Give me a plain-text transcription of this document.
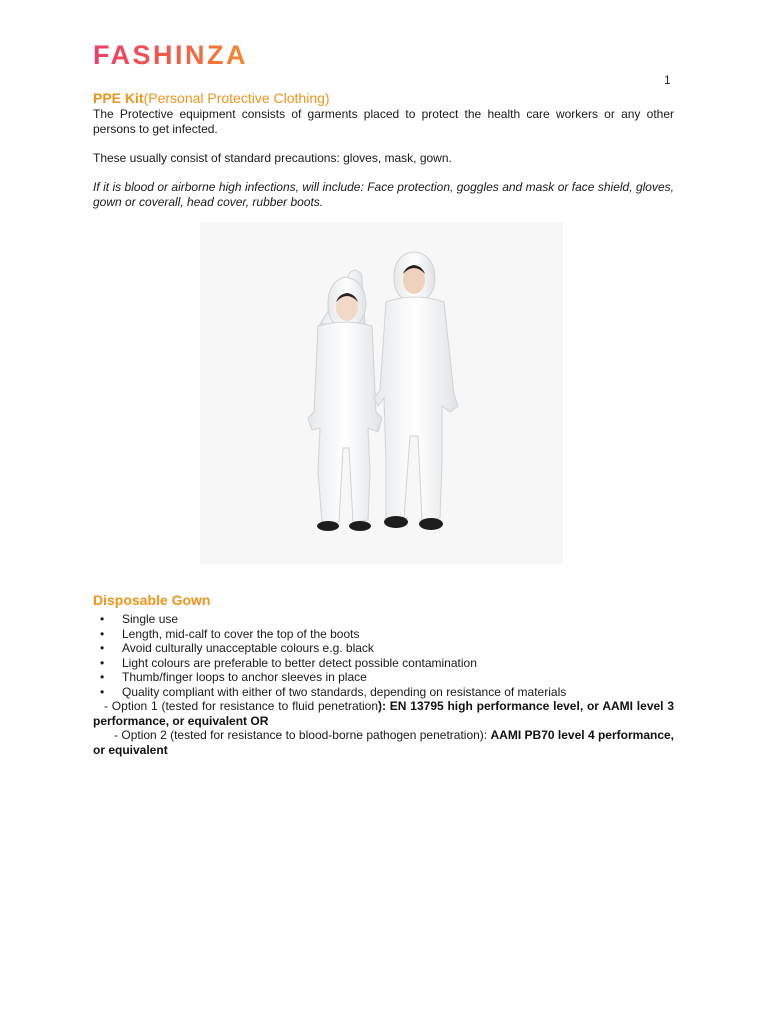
FASHINZA
1
PPE Kit(Personal Protective Clothing)
The Protective equipment consists of garments placed to protect the health care workers or any other persons to get infected.
These usually consist of standard precautions: gloves, mask, gown.
If it is blood or airborne high infections, will include: Face protection, goggles and mask or face shield, gloves, gown or coverall, head cover, rubber boots.
Disposable Gown
• Single use
• Length, mid-calf to cover the top of the boots
• Avoid culturally unacceptable colours e.g. black
• Light colours are preferable to better detect possible contamination
• Thumb/finger loops to anchor sleeves in place
• Quality compliant with either of two standards, depending on resistance of materials
- Option 1 (tested for resistance to fluid penetration): EN 13795 high performance level, or AAMI level 3 performance, or equivalent OR
- Option 2 (tested for resistance to blood-borne pathogen penetration): AAMI PB70 level 4 performance, or equivalent
